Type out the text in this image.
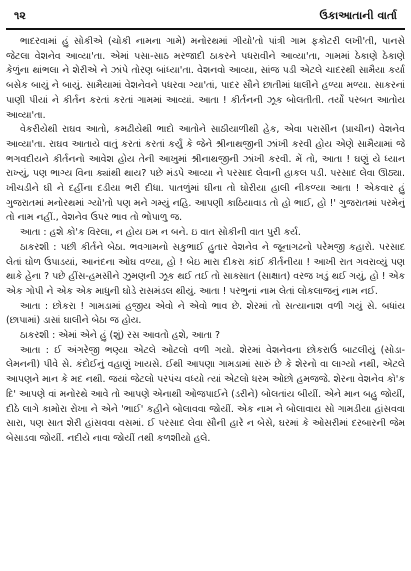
૧૨	ઉકાઆતાની વાર્તા

ભાદરવામાં હું સોકીએ (ચોકી નામના ગામે) મનોરથમાં ગીયો'તો પાંત્રી ગામ ફકોટરી લખી'તી, પાનસે જેટલા વેશનેવ આવ્યા'તા. એમાં પસા-સાઠ મરજાદી ઠાકરને પધરાવીને આવ્યા'તા, ગામમાં ઠેકાણે ઠેકાણે કેળુંના થાંભલા ને શેરીએ ને ઝાંપે તોરણ બાંધ્યા'તા. વેશનવો આવ્યા, સાંજ પડી એટલે ચાદરથી સામૈયા કર્યા બસેક બાયું ને બાયું. સામૈયામાં વેશનેવને પધરવા ગ્યા'તાં, પાદર સૌને છાતીમાં ધાલીને હળ્યા મળ્યા. સાકરનાં પાણી પીયાં ને કીર્તન કરતાં કરતાં ગામમાં આવ્યાં. આતા ! કીર્તનની ઝૂક બોલતીતી. તર્યો પરબત આતોય આવ્યા'તા.

વેકરીયેથી રાઘવ આતો, કમઢીયેથી ભાદો આતોને સાઠીયાળીથી હેક, એવા પરાસીન (પ્રાચીન) વેશનેવ આવ્યા'તા. રાઘવ આતાયે વાતું કરતાં કરતાં કર્યું કે જેને શ્રીનાથજીની ઝાંખી કરવી હોય એણે સામૈયામાં જે ભગવદીયને કીર્તનનો આવેશ હોય તેની આખુમાં શ્રીનાથજીની ઝાંખી કરવી. મેં તો, આતા ! ઘણું યે ધ્યાન રાખ્યું, પણ ભાગ્ય વિના ક્યાંથી થાય? પછે મંડપે આવ્યા ને પરસાદ લેવાની હાકલ પડી. પરસાદ લેવા ઊઠ્યા. ખીચડીને ઘી ને દહીંના દડીયા ભરી દીધા. પાતળુંમાં ઘીના તો ઘોરીયા હાલી નીકળ્યા આતા ! એકવાર હું ગુજરાતમાં મનોરથમાં ગ્યો'તો પણ મને ગમ્યું નહિ. આપણી કાઠિયાવાડ તો હો ભાઈ, હો !' ગુજરાતમાં પરમેનું તો નામ નહીં., વેશનેવ ઉપર ભાવ તો ભોપાળુ જ.

આતા : હશે કો'ક વિરલા, ન હોય ઇમ ન બને. ઇ વાત સોકીની વાત પુરી કર્ય.

ઠાકરશી : પછી કીર્તને બેઠા. ભવગામનો સકુભાઈ હુતાર વેશનેવ ને જૂનાગઢનો પરેમજી કહારો. પરસાદ લેતાં ઘોળ ઉપાડયાં, આનંદના ઓઘ વળ્યા, હો ! બેઇ મારા દીકરા કાંઈ કીર્તનીયા ! આખી રાત ગવરાવ્યું પણ થાકે હેના ? પછે હીંસ-હમસીને ઝુમણની ઝૂક થઈ તઈ તો સાક્સાત (સાક્ષાત) વરજ ખડું થઈ ગયું, હો ! એક એક ગોપી ને એક એક માધુની ઘોડે રાસમંડલ થીયું. આતા ! પરભુનાં નામ લેતાં લોકલાજનું નામ નઈ.

આતા : છોકરા ! ગામડામાં હજીય એવો ને એવો ભાવ છે. શેરમાં તો સત્યાનાશ વળી ગયું સે. બધાંય (છાપામાં) ડાસાં ઘાલીને બેઠા જ હોય.

ઠાકરશી : એમાં એને હું (શું) રસ આવતો હશે, આતા ?

આતા : ઈ અંગરેજી ભણ્યા એટલે ઓટલો વળી ગયો. શેરમાં વેશનેવના છોકરાઉં બાટલીયું (સોડા-લેમનની) પીવે સે. કંદોઈનું વહાણું ખાયસે. ઈથી આપણા ગામડામાં સારું છે કે શેરનો વા લાગ્યો નથી, એટલે આપણને માન કે મદ નથી. જયાં જેટલો પરપંચ વધ્યો ત્યાં એટલો ધરમ ઓછો હમજજે. શેરના વેશનેવ કો'ક દિ' આપણે વાં મનોરથે આવે તો આપણે એનાથી ઓજપાઈને (ડરીને) બોલતાંય બીયીં. એને માન બહુ જોયીં, દીઠે લાગે કામોરા રોખા ને એને 'ભાઈ' કહીને બોલાવવા જોયીં. એક નામ ને બોલાવાય સો ગામડીયા હાંસવવા સારા, પણ સાત શેરી હાંસવવા વસમાં. ઈ પરસાદ લેવા સૌની હારે ન બેસે, ઘરમાં કે ઓસરીમાં દરબારની જેમ બેસાડવા જોયીં. નદીયે નાવા જોયીં તથી કળશીયો હલે.
